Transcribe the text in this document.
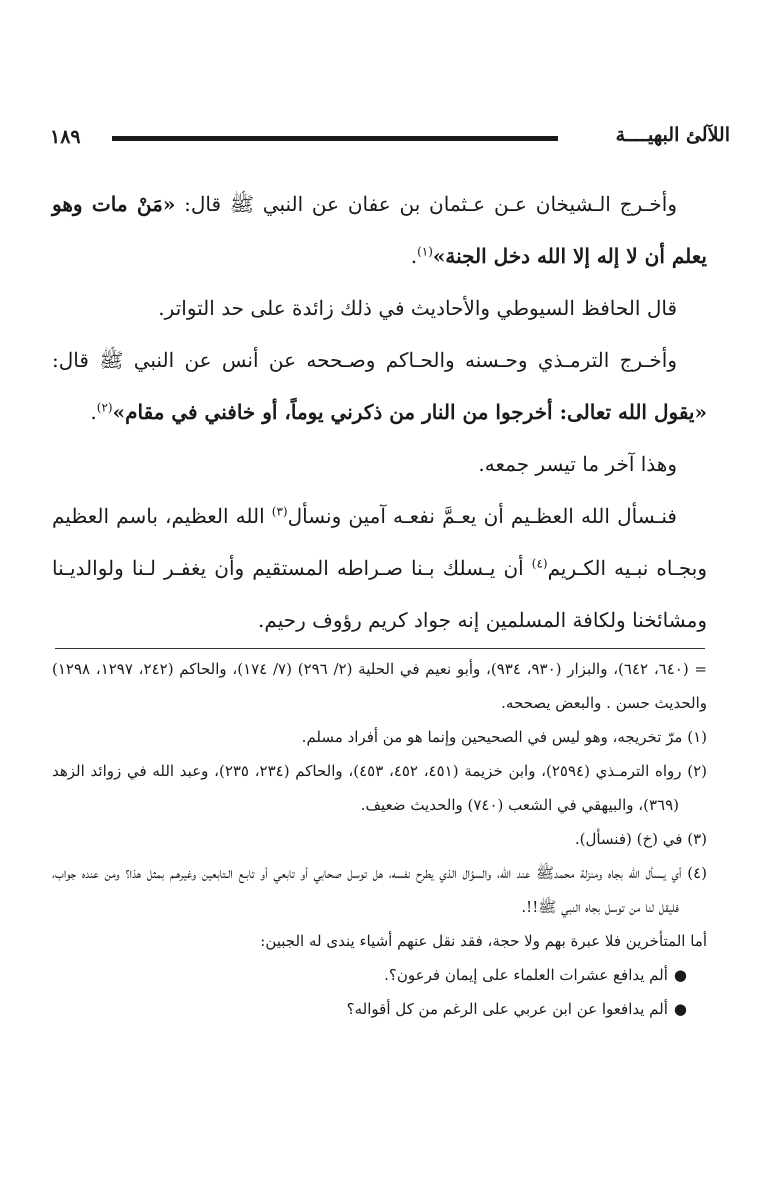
١٨٩	اللآلئ البهيــــة

وأخـرج الـشيخان عـن عـثمان بن عفان عن النبي ﷺ قال: «مَنْ مات وهو يعلم أن لا إله إلا الله دخل الجنة»$^{(١)}$.

قال الحافظ السيوطي والأحاديث في ذلك زائدة على حد التواتر.

وأخـرج الترمـذي وحـسنه والحـاكم وصـححه عن أنس عن النبي ﷺ قال: «يقول الله تعالى: أخرجوا من النار من ذكرني يوماً، أو خافني في مقام»$^{(٢)}$.

وهذا آخر ما تيسر جمعه.

فنـسأل الله العظـيم أن يعـمَّ نفعـه آمين ونسأل$^{(٣)}$ الله العظيم، باسم العظيم وبجـاه نبـيه الكـريم$^{(٤)}$ أن يـسلك بـنا صـراطه المستقيم وأن يغفـر لـنا ولوالديـنا ومشائخنا ولكافة المسلمين إنه جواد كريم رؤوف رحيم.

= (٦٤٠، ٦٤٢)، والبزار (٩٣٠، ٩٣٤)، وأبو نعيم في الحلية (٢/ ٢٩٦) (٧/ ١٧٤)، والحاكم (٢٤٢، ١٢٩٧، ١٢٩٨) والحديث حسن . والبعض يصححه.

(١) مرّ تخريجه، وهو ليس في الصحيحين وإنما هو من أفراد مسلم.

(٢) رواه الترمـذي (٢٥٩٤)، وابن خزيمة (٤٥١، ٤٥٢، ٤٥٣)، والحاكم (٢٣٤، ٢٣٥)، وعبد الله في زوائد الزهد (٣٦٩)، والبيهقي في الشعب (٧٤٠) والحديث ضعيف.

(٣) في (خ) (فنسأل).

(٤) أي يـسأل الله بجاه ومنزلة محمدﷺ عند الله، والسؤال الذي يطرح نفسه، هل توسل صحابي أو تابعي أو تابـع الـتابعين وغيرهـم بمثل هذا؟ ومن عنده جواب، فليقل لنا من توسل بجاه النبي ﷺ!!.

أما المتأخرين فلا عبرة بهم ولا حجة، فقد نقل عنهم أشياء يندى له الجبين:

●ألم يدافع عشرات العلماء على إيمان فرعون؟.
●ألم يدافعوا عن ابن عربي على الرغم من كل أقواله؟
